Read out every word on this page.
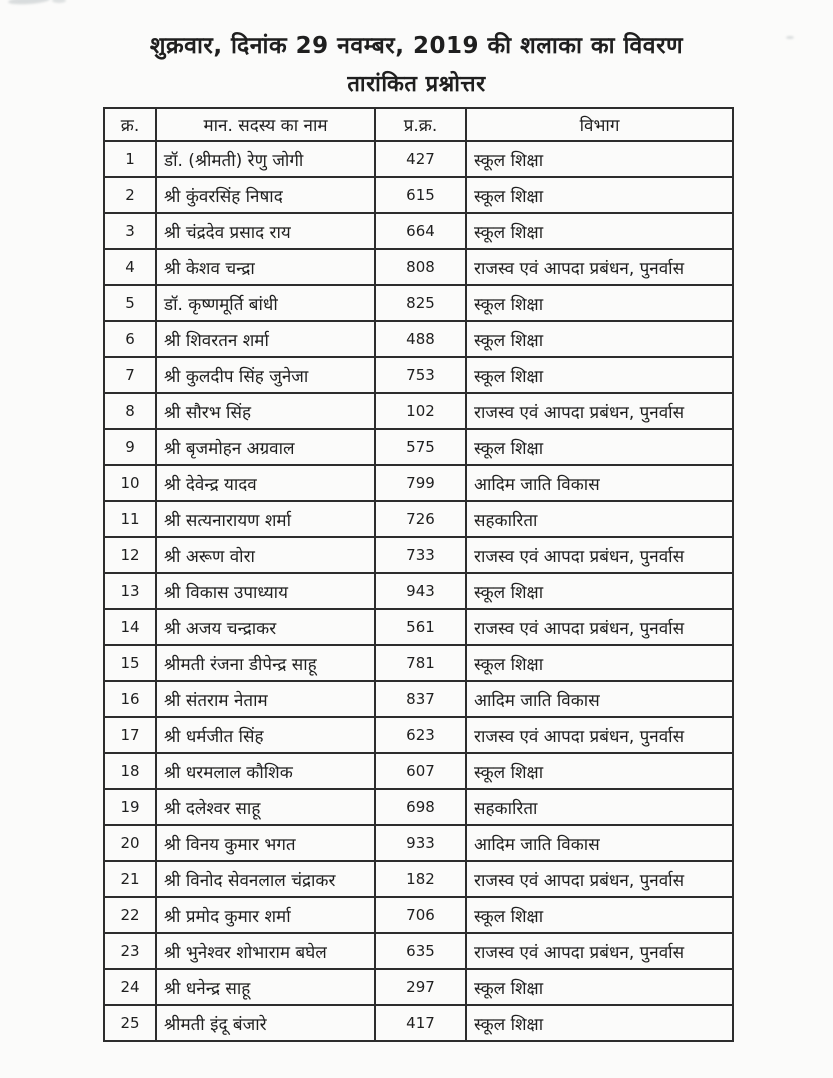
शुक्रवार, दिनांक 29 नवम्बर, 2019 की शलाका का विवरण
तारांकित प्रश्नोत्तर
क्र.	मान. सदस्य का नाम	प्र.क्र.	विभाग
1	डॉ. (श्रीमती) रेणु जोगी	427	स्कूल शिक्षा
2	श्री कुंवरसिंह निषाद	615	स्कूल शिक्षा
3	श्री चंद्रदेव प्रसाद राय	664	स्कूल शिक्षा
4	श्री केशव चन्द्रा	808	राजस्व एवं आपदा प्रबंधन, पुनर्वास
5	डॉ. कृष्णमूर्ति बांधी	825	स्कूल शिक्षा
6	श्री शिवरतन शर्मा	488	स्कूल शिक्षा
7	श्री कुलदीप सिंह जुनेजा	753	स्कूल शिक्षा
8	श्री सौरभ सिंह	102	राजस्व एवं आपदा प्रबंधन, पुनर्वास
9	श्री बृजमोहन अग्रवाल	575	स्कूल शिक्षा
10	श्री देवेन्द्र यादव	799	आदिम जाति विकास
11	श्री सत्यनारायण शर्मा	726	सहकारिता
12	श्री अरूण वोरा	733	राजस्व एवं आपदा प्रबंधन, पुनर्वास
13	श्री विकास उपाध्याय	943	स्कूल शिक्षा
14	श्री अजय चन्द्राकर	561	राजस्व एवं आपदा प्रबंधन, पुनर्वास
15	श्रीमती रंजना डीपेन्द्र साहू	781	स्कूल शिक्षा
16	श्री संतराम नेताम	837	आदिम जाति विकास
17	श्री धर्मजीत सिंह	623	राजस्व एवं आपदा प्रबंधन, पुनर्वास
18	श्री धरमलाल कौशिक	607	स्कूल शिक्षा
19	श्री दलेश्वर साहू	698	सहकारिता
20	श्री विनय कुमार भगत	933	आदिम जाति विकास
21	श्री विनोद सेवनलाल चंद्राकर	182	राजस्व एवं आपदा प्रबंधन, पुनर्वास
22	श्री प्रमोद कुमार शर्मा	706	स्कूल शिक्षा
23	श्री भुनेश्वर शोभाराम बघेल	635	राजस्व एवं आपदा प्रबंधन, पुनर्वास
24	श्री धनेन्द्र साहू	297	स्कूल शिक्षा
25	श्रीमती इंदू बंजारे	417	स्कूल शिक्षा
